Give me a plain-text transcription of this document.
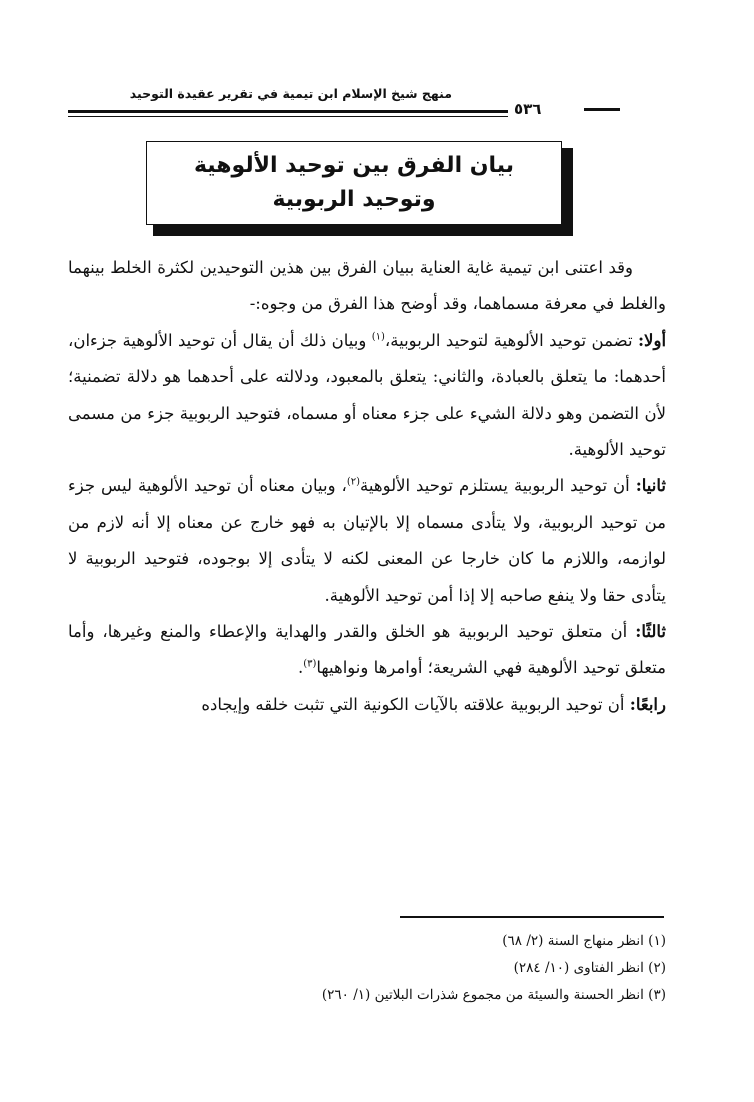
منهج شيخ الإسلام ابن تيمية في تقرير عقيدة التوحيد
٥٣٦
بيان الفرق بين توحيد الألوهية
وتوحيد الربوبية

  وقد اعتنى ابن تيمية غاية العناية ببيان الفرق بين هذين التوحيدين لكثرة الخلط بينهما والغلط في معرفة مسماهما، وقد أوضح هذا الفرق من وجوه:-

أولا: تضمن توحيد الألوهية لتوحيد الربوبية،$^{(١)}$ وبيان ذلك أن يقال أن توحيد الألوهية جزءان، أحدهما: ما يتعلق بالعبادة، والثاني: يتعلق بالمعبود، ودلالته على أحدهما هو دلالة تضمنية؛ لأن التضمن وهو دلالة الشيء على جزء معناه أو مسماه، فتوحيد الربوبية جزء من مسمى توحيد الألوهية.

ثانيا: أن توحيد الربوبية يستلزم توحيد الألوهية$^{(٢)}$، وبيان معناه أن توحيد الألوهية ليس جزء من توحيد الربوبية، ولا يتأدى مسماه إلا بالإتيان به فهو خارج عن معناه إلا أنه لازم من لوازمه، واللازم ما كان خارجا عن المعنى لكنه لا يتأدى إلا بوجوده، فتوحيد الربوبية لا يتأدى حقا ولا ينفع صاحبه إلا إذا أمن توحيد الألوهية.

ثالثًا: أن متعلق توحيد الربوبية هو الخلق والقدر والهداية والإعطاء والمنع وغيرها، وأما متعلق توحيد الألوهية فهي الشريعة؛ أوامرها ونواهيها$^{(٣)}$.

رابعًا: أن توحيد الربوبية علاقته بالآيات الكونية التي تثبت خلقه وإيجاده

(١) انظر منهاج السنة (٢/ ٦٨)
(٢) انظر الفتاوى (١٠/ ٢٨٤)
(٣) انظر الحسنة والسيئة من مجموع شذرات البلاتين (١/ ٢٦٠)
